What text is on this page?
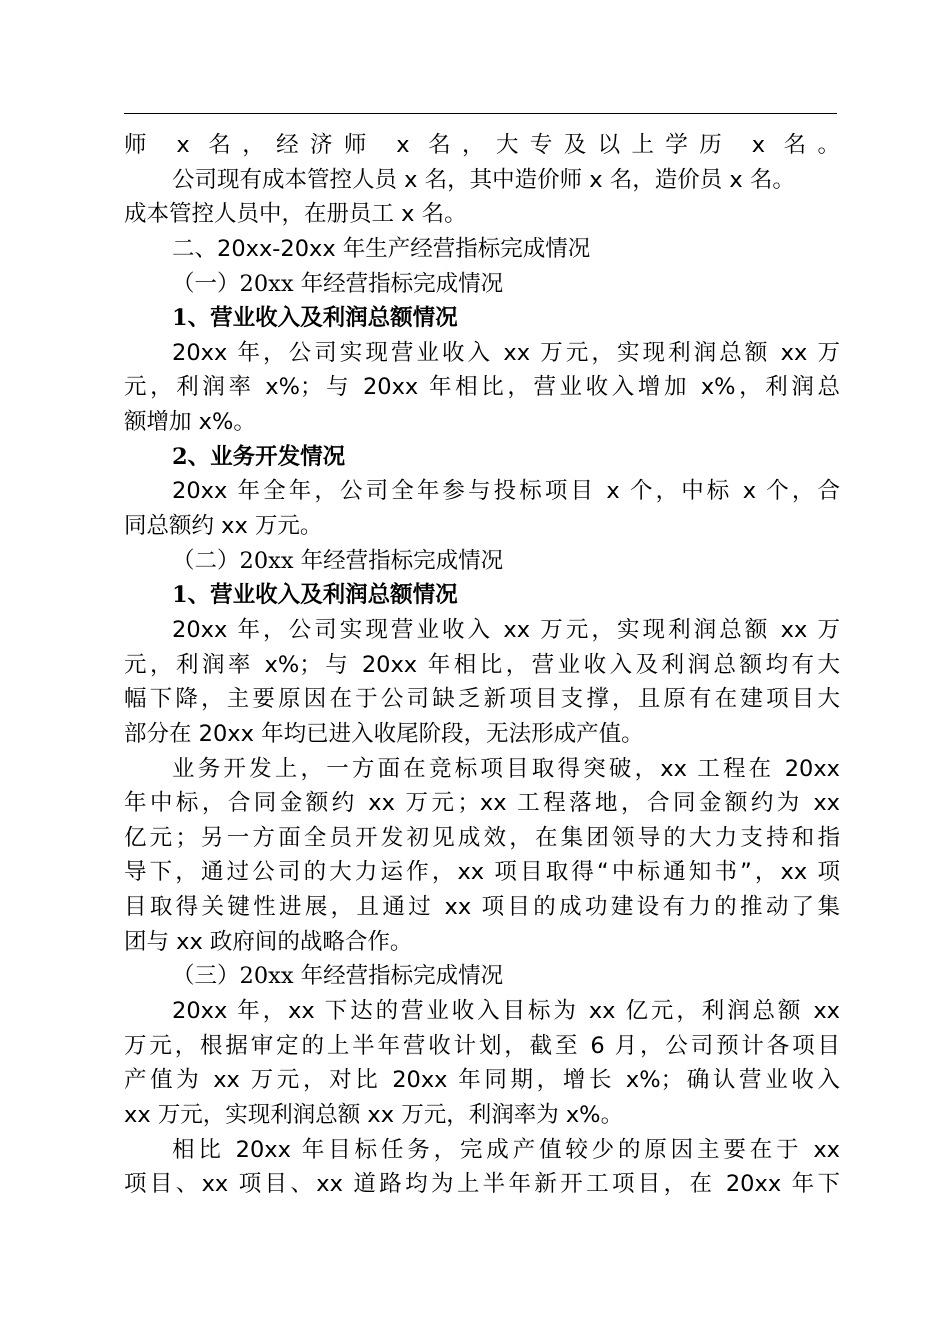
师 x 名，经济师 x 名，大专及以上学历 x 名。
公司现有成本管控人员 x 名，其中造价师 x 名，造价员 x 名。
成本管控人员中，在册员工 x 名。
二、20xx-20xx 年生产经营指标完成情况
（一）20xx 年经营指标完成情况
1、营业收入及利润总额情况
20xx 年，公司实现营业收入 xx 万元，实现利润总额 xx 万
元，利润率 x%；与 20xx 年相比，营业收入增加 x%，利润总
额增加 x%。
2、业务开发情况
20xx 年全年，公司全年参与投标项目 x 个，中标 x 个，合
同总额约 xx 万元。
（二）20xx 年经营指标完成情况
1、营业收入及利润总额情况
20xx 年，公司实现营业收入 xx 万元，实现利润总额 xx 万
元，利润率 x%；与 20xx 年相比，营业收入及利润总额均有大
幅下降，主要原因在于公司缺乏新项目支撑，且原有在建项目大
部分在 20xx 年均已进入收尾阶段，无法形成产值。
业务开发上，一方面在竞标项目取得突破，xx 工程在 20xx
年中标，合同金额约 xx 万元；xx 工程落地，合同金额约为 xx
亿元；另一方面全员开发初见成效，在集团领导的大力支持和指
导下，通过公司的大力运作，xx 项目取得“中标通知书”，xx 项
目取得关键性进展，且通过 xx 项目的成功建设有力的推动了集
团与 xx 政府间的战略合作。
（三）20xx 年经营指标完成情况
20xx 年，xx 下达的营业收入目标为 xx 亿元，利润总额 xx
万元，根据审定的上半年营收计划，截至 6 月，公司预计各项目
产值为 xx 万元，对比 20xx 年同期，增长 x%；确认营业收入
xx 万元，实现利润总额 xx 万元，利润率为 x%。
相比 20xx 年目标任务，完成产值较少的原因主要在于 xx
项目、xx 项目、xx 道路均为上半年新开工项目，在 20xx 年下
